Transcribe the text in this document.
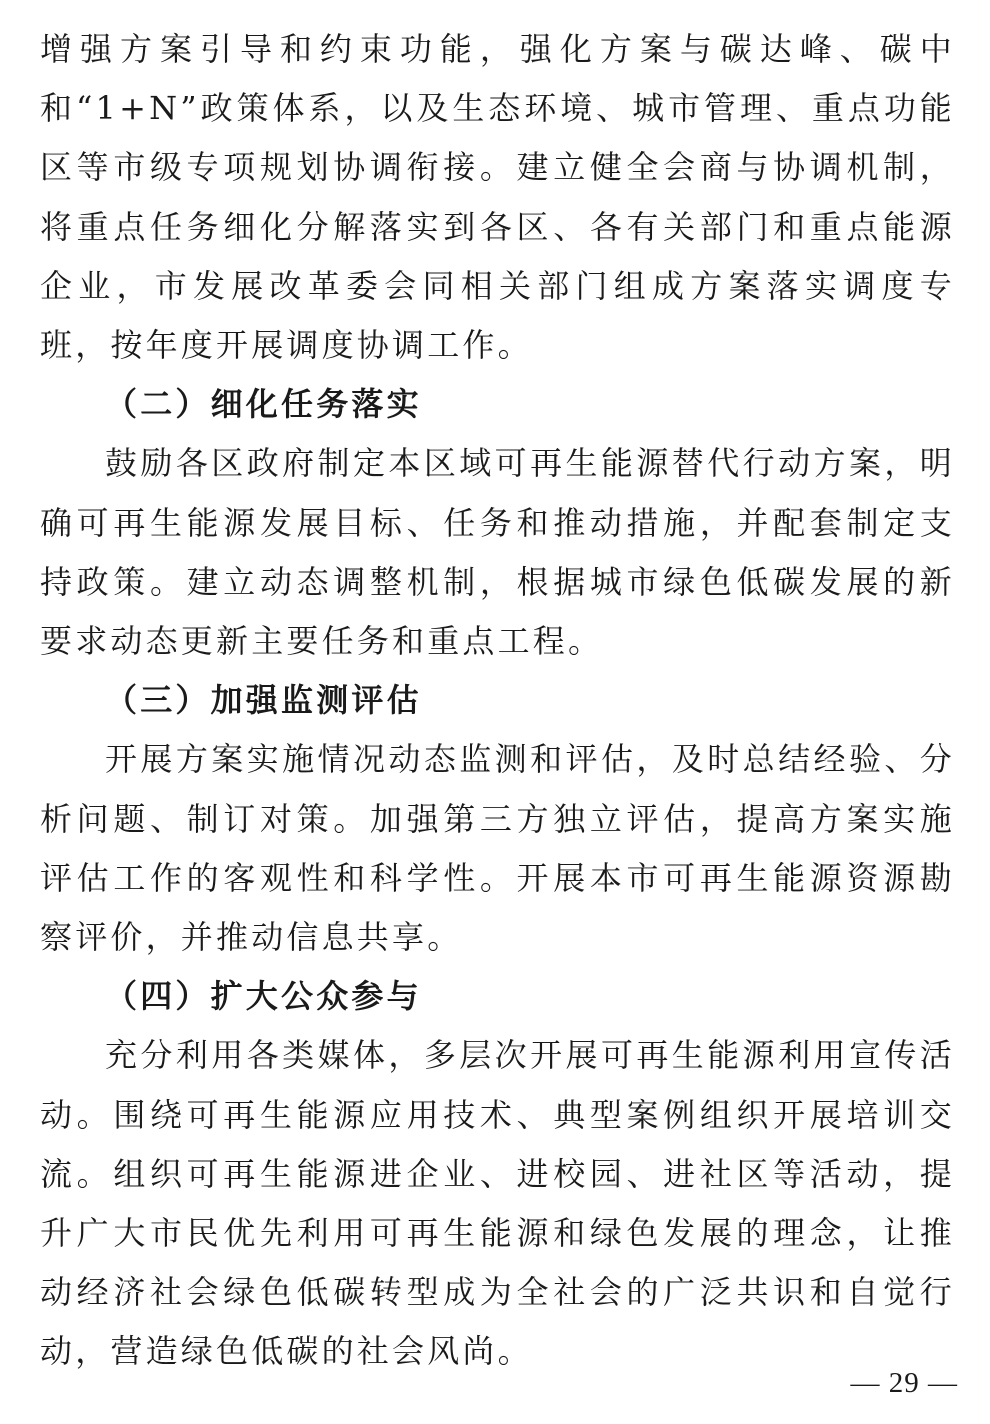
增强方案引导和约束功能，强化方案与碳达峰、碳中和“1+N”政策体系，以及生态环境、城市管理、重点功能区等市级专项规划协调衔接。建立健全会商与协调机制，将重点任务细化分解落实到各区、各有关部门和重点能源企业，市发展改革委会同相关部门组成方案落实调度专班，按年度开展调度协调工作。

（二）细化任务落实

鼓励各区政府制定本区域可再生能源替代行动方案，明确可再生能源发展目标、任务和推动措施，并配套制定支持政策。建立动态调整机制，根据城市绿色低碳发展的新要求动态更新主要任务和重点工程。

（三）加强监测评估

开展方案实施情况动态监测和评估，及时总结经验、分析问题、制订对策。加强第三方独立评估，提高方案实施评估工作的客观性和科学性。开展本市可再生能源资源勘察评价，并推动信息共享。

（四）扩大公众参与

充分利用各类媒体，多层次开展可再生能源利用宣传活动。围绕可再生能源应用技术、典型案例组织开展培训交流。组织可再生能源进企业、进校园、进社区等活动，提升广大市民优先利用可再生能源和绿色发展的理念，让推动经济社会绿色低碳转型成为全社会的广泛共识和自觉行动，营造绿色低碳的社会风尚。

— 29 —
